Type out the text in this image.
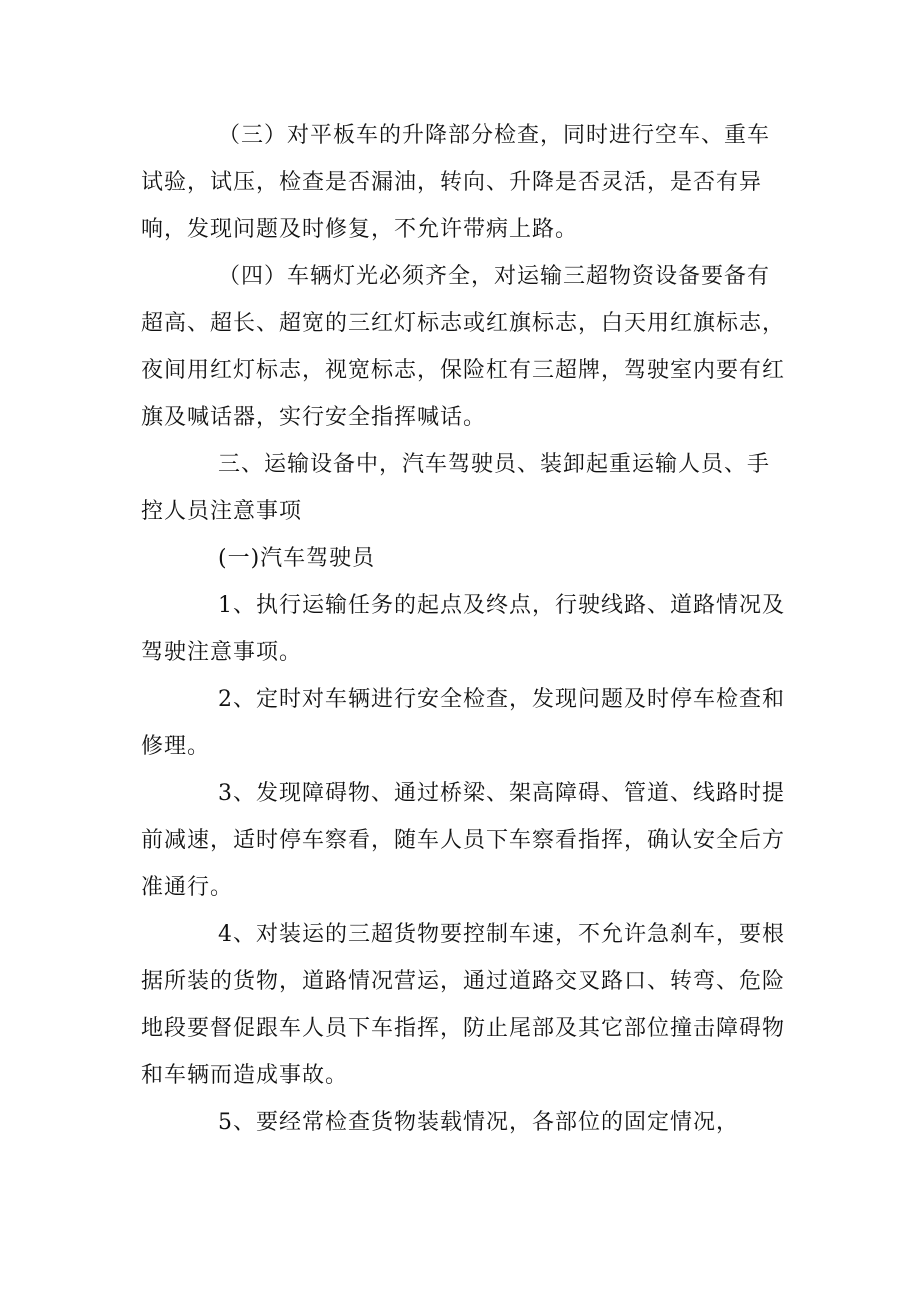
（三）对平板车的升降部分检查，同时进行空车、重车试验，试压，检查是否漏油，转向、升降是否灵活，是否有异响，发现问题及时修复，不允许带病上路。

（四）车辆灯光必须齐全，对运输三超物资设备要备有超高、超长、超宽的三红灯标志或红旗标志，白天用红旗标志，夜间用红灯标志，视宽标志，保险杠有三超牌，驾驶室内要有红旗及喊话器，实行安全指挥喊话。

三、运输设备中，汽车驾驶员、装卸起重运输人员、手控人员注意事项

(一)汽车驾驶员

1、执行运输任务的起点及终点，行驶线路、道路情况及驾驶注意事项。

2、定时对车辆进行安全检查，发现问题及时停车检查和修理。

3、发现障碍物、通过桥梁、架高障碍、管道、线路时提前减速，适时停车察看，随车人员下车察看指挥，确认安全后方准通行。

4、对装运的三超货物要控制车速，不允许急刹车，要根据所装的货物，道路情况营运，通过道路交叉路口、转弯、危险地段要督促跟车人员下车指挥，防止尾部及其它部位撞击障碍物和车辆而造成事故。

5、要经常检查货物装载情况，各部位的固定情况，
